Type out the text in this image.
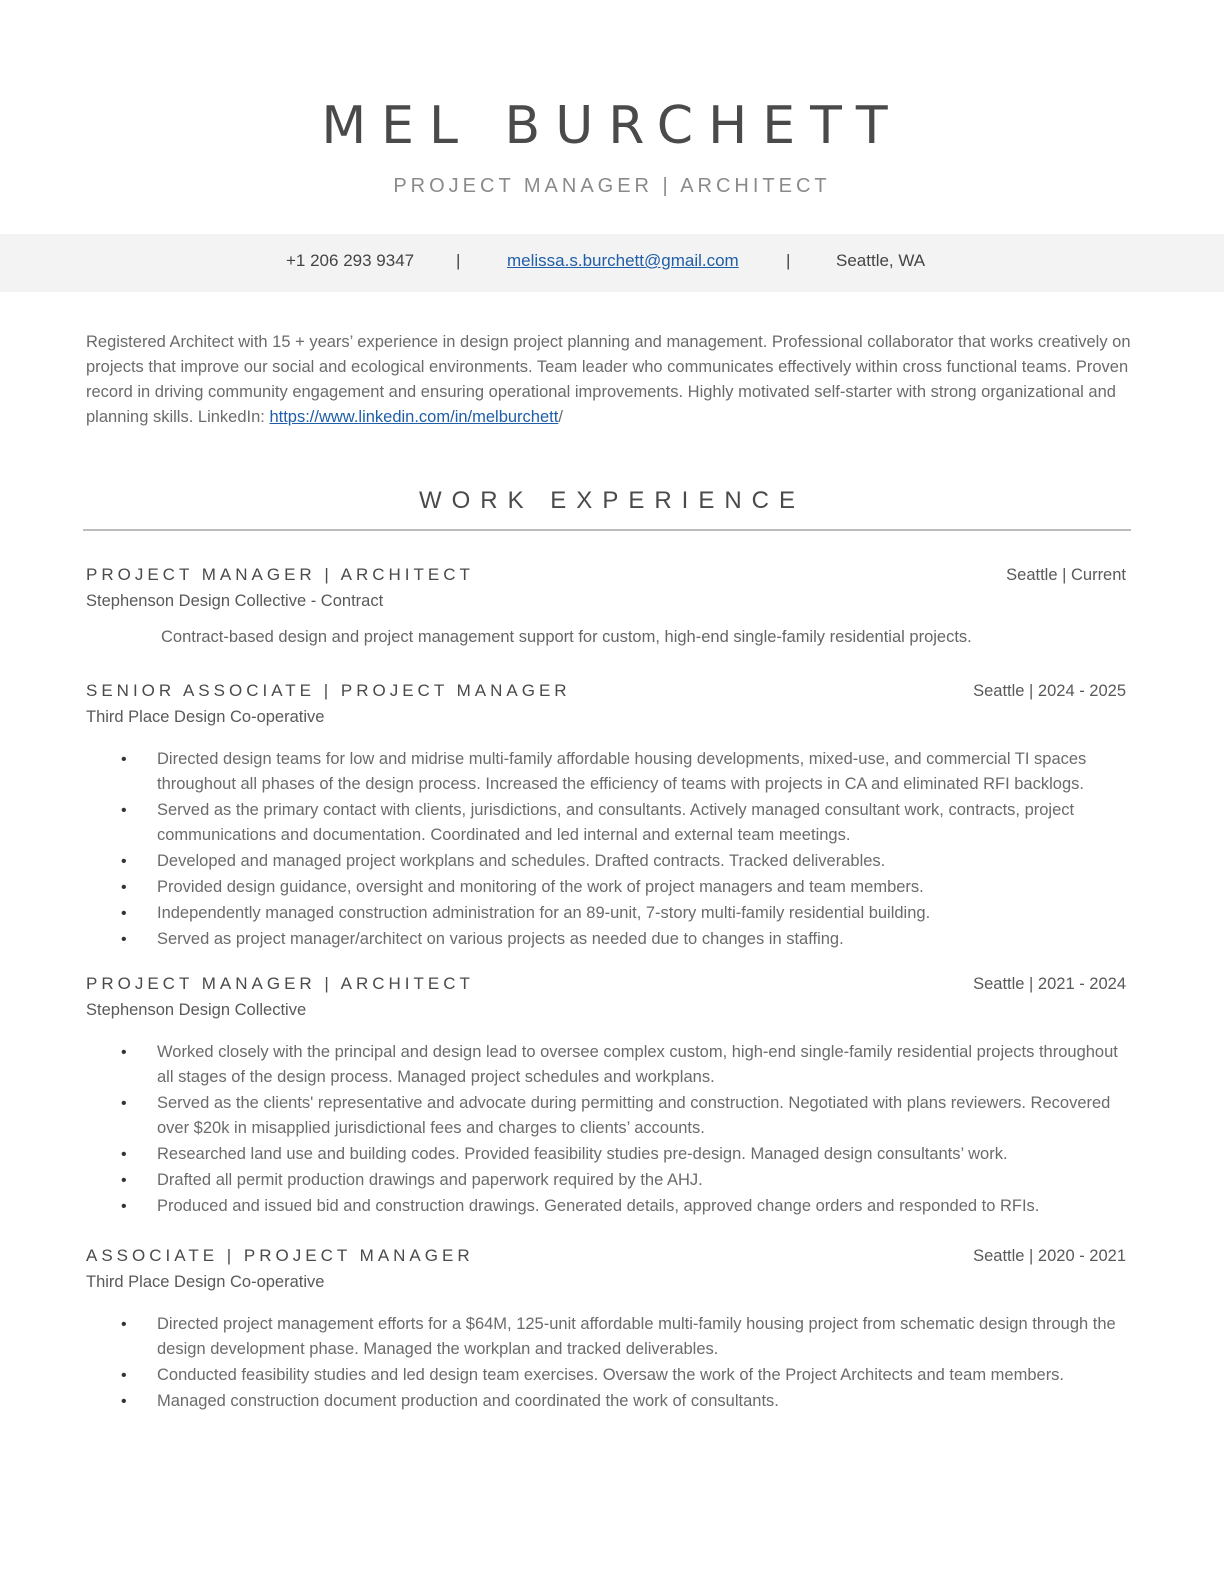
MEL BURCHETT
PROJECT MANAGER | ARCHITECT
+1 206 293 9347 |	melissa.s.burchett@gmail.com	|	Seattle, WA
Registered Architect with 15 + years’ experience in design project planning and management. Professional collaborator that works creatively on projects that improve our social and ecological environments. Team leader who communicates effectively within cross functional teams. Proven record in driving community engagement and ensuring operational improvements. Highly motivated self-starter with strong organizational and planning skills. LinkedIn: https://www.linkedin.com/in/melburchett/
WORK EXPERIENCE
PROJECT MANAGER | ARCHITECT	Seattle | Current
Stephenson Design Collective - Contract
Contract-based design and project management support for custom, high-end single-family residential projects.
SENIOR ASSOCIATE | PROJECT MANAGER	Seattle | 2024 - 2025
Third Place Design Co-operative
• Directed design teams for low and midrise multi-family affordable housing developments, mixed-use, and commercial TI spaces throughout all phases of the design process. Increased the efficiency of teams with projects in CA and eliminated RFI backlogs.
• Served as the primary contact with clients, jurisdictions, and consultants. Actively managed consultant work, contracts, project communications and documentation. Coordinated and led internal and external team meetings.
• Developed and managed project workplans and schedules. Drafted contracts. Tracked deliverables.
• Provided design guidance, oversight and monitoring of the work of project managers and team members.
• Independently managed construction administration for an 89-unit, 7-story multi-family residential building.
• Served as project manager/architect on various projects as needed due to changes in staffing.
PROJECT MANAGER | ARCHITECT	Seattle | 2021 - 2024
Stephenson Design Collective
• Worked closely with the principal and design lead to oversee complex custom, high-end single-family residential projects throughout all stages of the design process. Managed project schedules and workplans.
• Served as the clients' representative and advocate during permitting and construction. Negotiated with plans reviewers. Recovered over $20k in misapplied jurisdictional fees and charges to clients’ accounts.
• Researched land use and building codes. Provided feasibility studies pre-design. Managed design consultants’ work.
• Drafted all permit production drawings and paperwork required by the AHJ.
• Produced and issued bid and construction drawings. Generated details, approved change orders and responded to RFIs.
ASSOCIATE | PROJECT MANAGER	Seattle | 2020 - 2021
Third Place Design Co-operative
• Directed project management efforts for a $64M, 125-unit affordable multi-family housing project from schematic design through the design development phase. Managed the workplan and tracked deliverables.
• Conducted feasibility studies and led design team exercises. Oversaw the work of the Project Architects and team members.
• Managed construction document production and coordinated the work of consultants.
